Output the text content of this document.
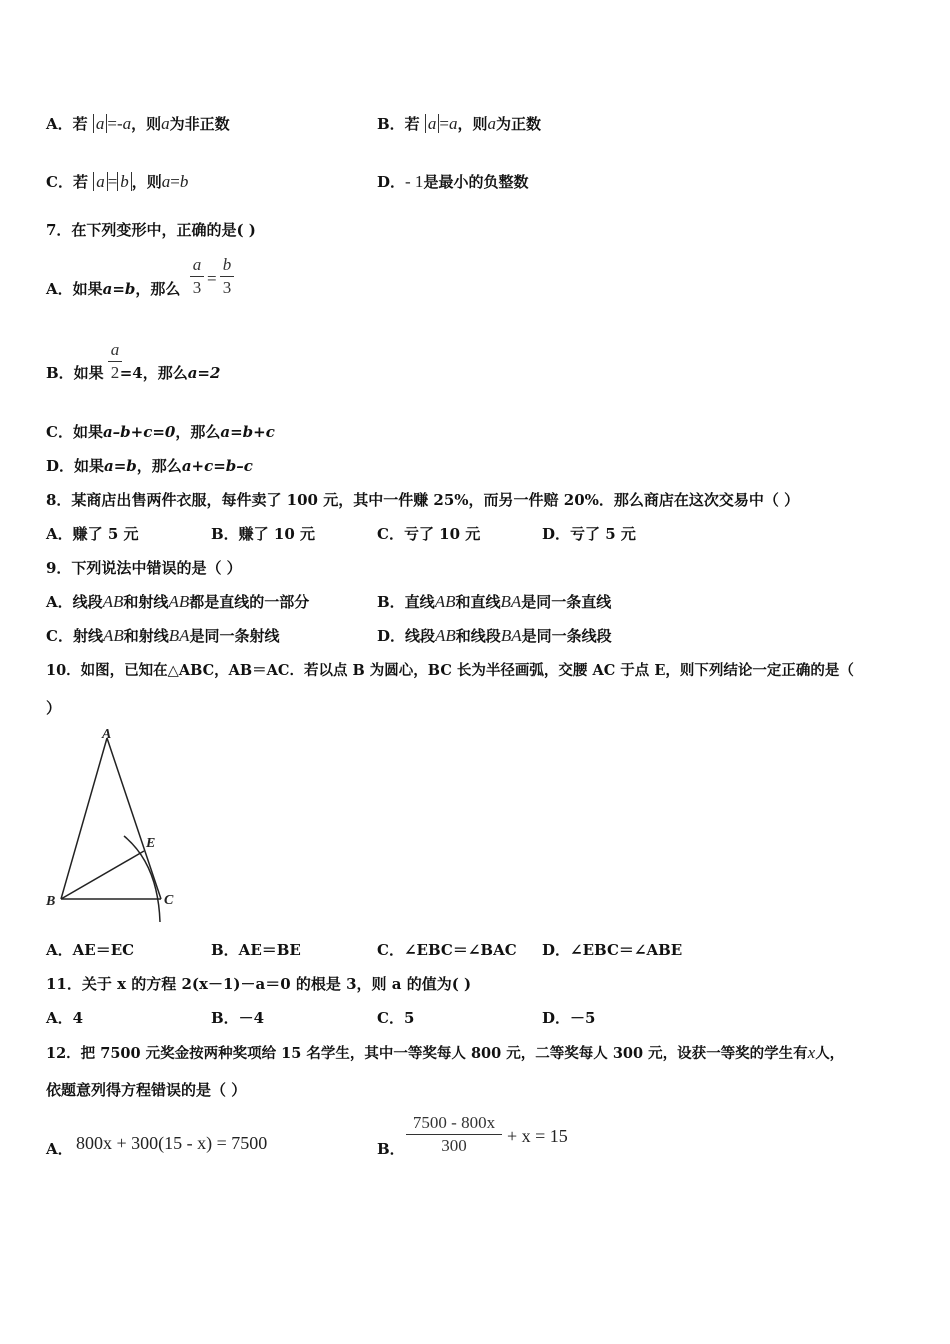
A．若 a =-a，则a为非正数	B．若 a =a，则a为正数
C．若 a = b ，则a=b	D．- 1是最小的负整数
7．在下列变形中，正确的是( )
A．如果a=b，那么
a
3 =
b
3
a
2
B．如果 =4，那么a=2
C．如果a–b+c=0，那么a=b+c
D．如果a=b，那么a+c=b–c
8．某商店出售两件衣服，每件卖了 100 元，其中一件赚 25%，而另一件赔 20%．那么商店在这次交易中（ ）
A．赚了 5 元	B．赚了 10 元	C．亏了 10 元	D．亏了 5 元
9．下列说法中错误的是（ ）
A．线段AB和射线AB都是直线的一部分	B．直线AB和直线BA是同一条直线
C．射线AB和射线BA是同一条射线	D．线段AB和线段BA是同一条线段
10．如图，已知在△ABC，AB＝AC．若以点 B 为圆心，BC 长为半径画弧，交腰 AC 于点 E，则下列结论一定正确的是（
）
A
B	C
E
A．AE＝EC	B．AE＝BE	C．∠EBC＝∠BAC D．∠EBC＝∠ABE
11．关于 x 的方程 2(x－1)－a＝0 的根是 3，则 a 的值为( )
A．4	B．－4	C．5	D．－5
12．把 7500 元奖金按两种奖项给 15 名学生，其中一等奖每人 800 元，二等奖每人 300 元，设获一等奖的学生有x人，
依题意列得方程错误的是（ ）
A． 800x + 300(15 - x) = 7500	B．
7500 - 800x
300	+ x = 15
